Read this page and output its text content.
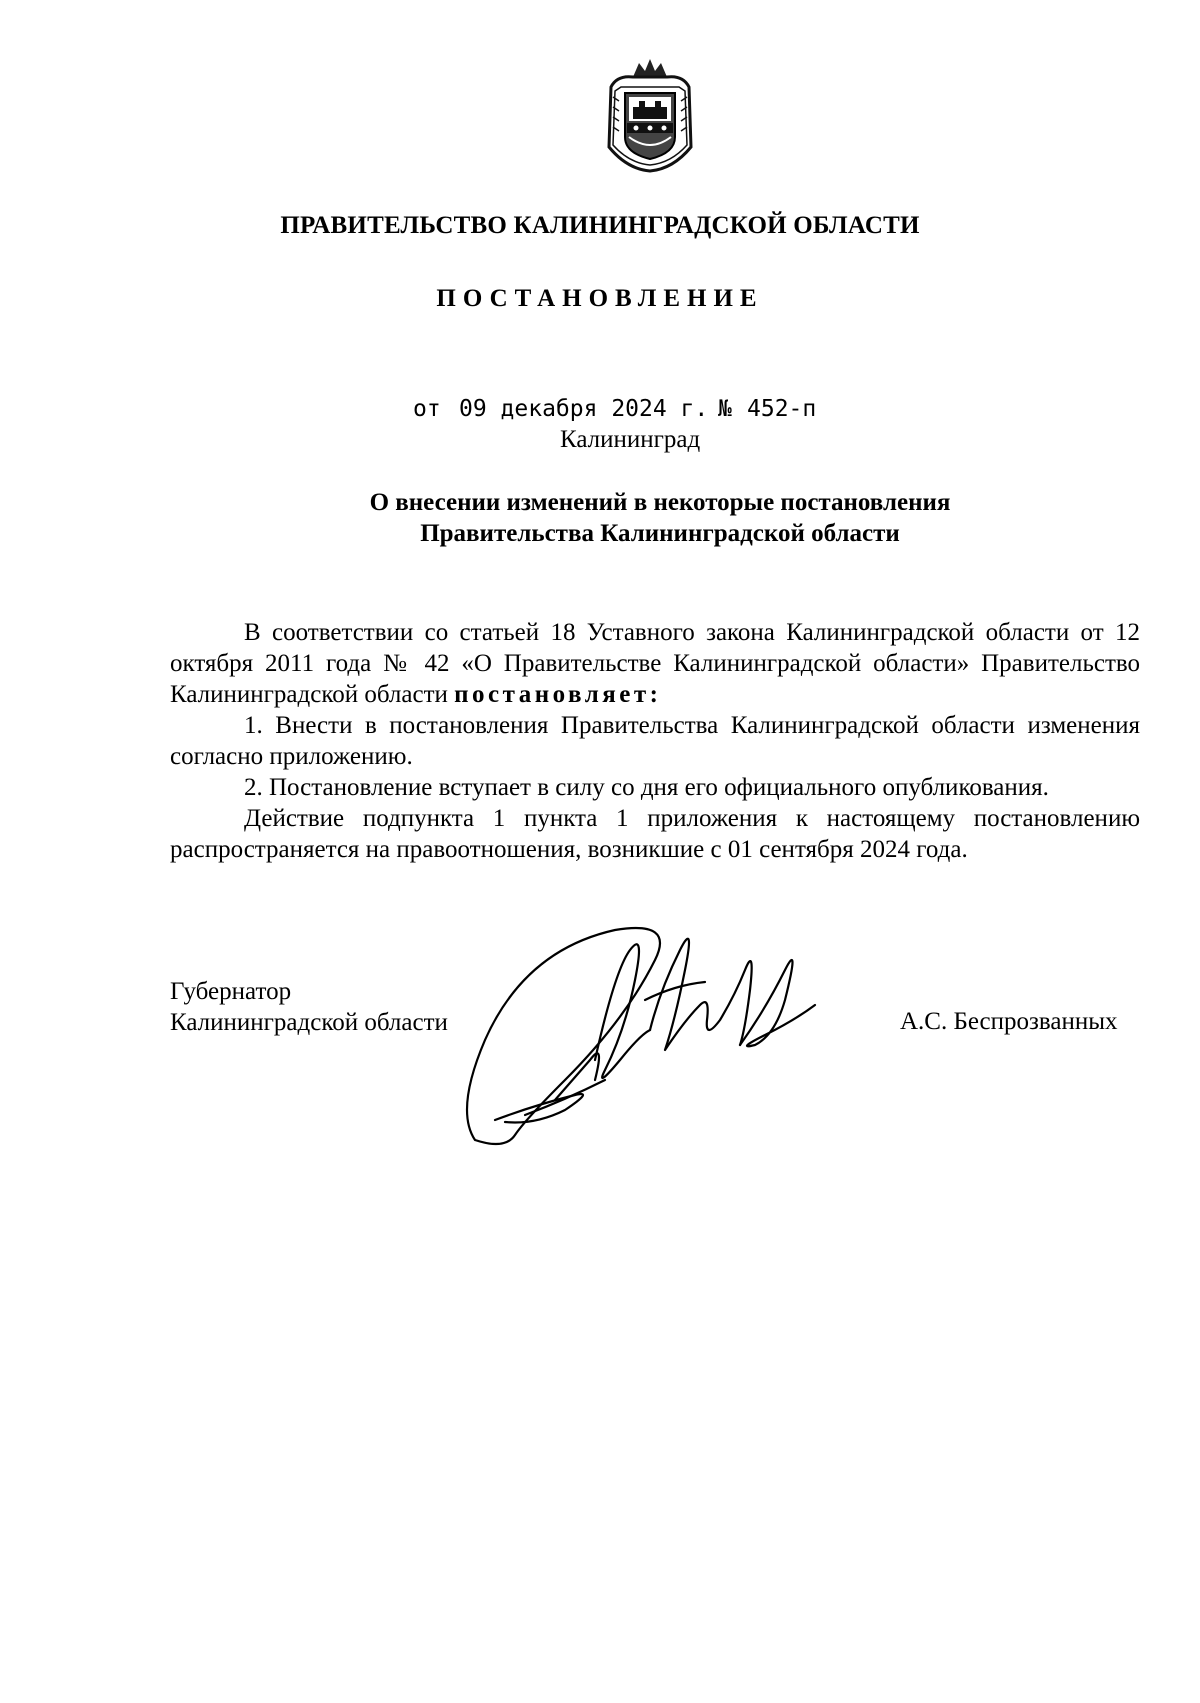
ПРАВИТЕЛЬСТВО КАЛИНИНГРАДСКОЙ ОБЛАСТИ
ПОСТАНОВЛЕНИЕ
от 09 декабря 2024 г. № 452-п
Калининград
О внесении изменений в некоторые постановления
Правительства Калининградской области

В соответствии со статьей 18 Уставного закона Калининградской области от 12 октября 2011 года № 42 «О Правительстве Калининградской области» Правительство Калининградской области постановляет:

1. Внести в постановления Правительства Калининградской области изменения согласно приложению.

2. Постановление вступает в силу со дня его официального опубликования.

Действие подпункта 1 пункта 1 приложения к настоящему постановлению распространяется на правоотношения, возникшие с 01 сентября 2024 года.

Губернатор
Калининградской области	А.С. Беспрозванных
